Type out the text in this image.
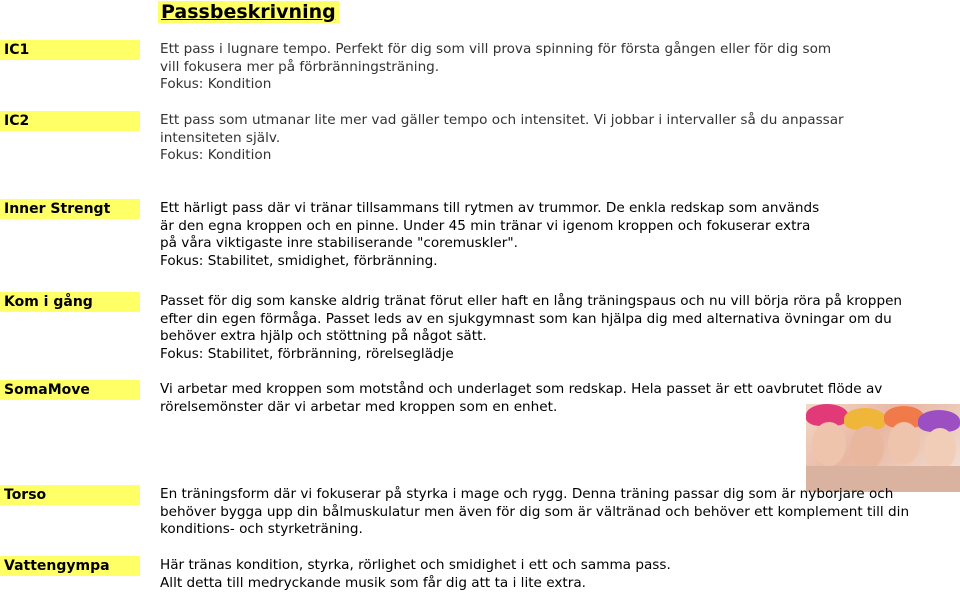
Passbeskrivning
IC1	Ett pass i lugnare tempo. Perfekt för dig som vill prova spinning för första gången eller för dig som

vill fokusera mer på förbränningsträning.

Fokus: Kondition

IC2	Ett pass som utmanar lite mer vad gäller tempo och intensitet. Vi jobbar i intervaller så du anpassar

intensiteten själv.

Fokus: Kondition

Inner Strengt	Ett härligt pass där vi tränar tillsammans till rytmen av trummor. De enkla redskap som används

är den egna kroppen och en pinne. Under 45 min tränar vi igenom kroppen och fokuserar extra

på våra viktigaste inre stabiliserande "coremuskler".

Fokus: Stabilitet, smidighet, förbränning.

Kom i gång	Passet för dig som kanske aldrig tränat förut eller haft en lång träningspaus och nu vill börja röra på kroppen

efter din egen förmåga. Passet leds av en sjukgymnast som kan hjälpa dig med alternativa övningar om du

behöver extra hjälp och stöttning på något sätt.

Fokus: Stabilitet, förbränning, rörelseglädje

SomaMove	Vi arbetar med kroppen som motstånd och underlaget som redskap. Hela passet är ett oavbrutet flöde av

rörelsemönster där vi arbetar med kroppen som en enhet.

Torso	En träningsform där vi fokuserar på styrka i mage och rygg. Denna träning passar dig som är nyborjare och

behöver bygga upp din bålmuskulatur men även för dig som är vältränad och behöver ett komplement till din

konditions- och styrketräning.

Vattengympa	Här tränas kondition, styrka, rörlighet och smidighet i ett och samma pass.

Allt detta till medryckande musik som får dig att ta i lite extra.
